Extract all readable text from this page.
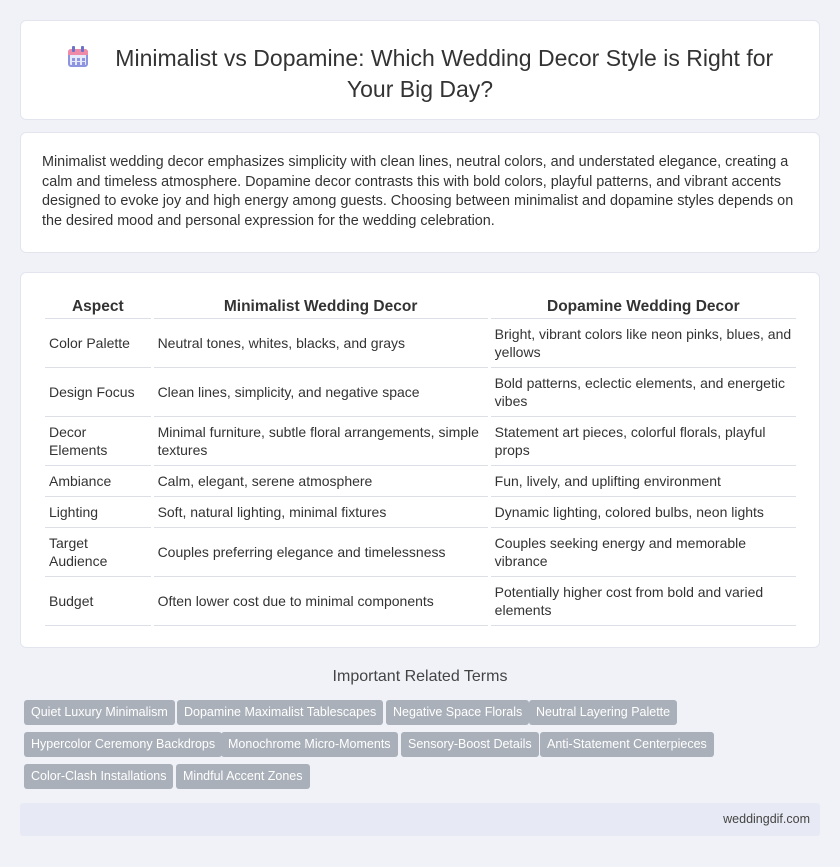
Minimalist vs Dopamine: Which Wedding Decor Style is Right for Your Big Day?

Minimalist wedding decor emphasizes simplicity with clean lines, neutral colors, and understated elegance, creating a calm and timeless atmosphere. Dopamine decor contrasts this with bold colors, playful patterns, and vibrant accents designed to evoke joy and high energy among guests. Choosing between minimalist and dopamine styles depends on the desired mood and personal expression for the wedding celebration.

Aspect	Minimalist Wedding Decor	Dopamine Wedding Decor
Color Palette	Neutral tones, whites, blacks, and grays	Bright, vibrant colors like neon pinks, blues, and yellows
Design Focus	Clean lines, simplicity, and negative space	Bold patterns, eclectic elements, and energetic vibes
Decor Elements	Minimal furniture, subtle floral arrangements, simple textures	Statement art pieces, colorful florals, playful props
Ambiance	Calm, elegant, serene atmosphere	Fun, lively, and uplifting environment
Lighting	Soft, natural lighting, minimal fixtures	Dynamic lighting, colored bulbs, neon lights
Target Audience	Couples preferring elegance and timelessness	Couples seeking energy and memorable vibrance
Budget	Often lower cost due to minimal components	Potentially higher cost from bold and varied elements
Important Related Terms
Quiet Luxury Minimalism	Dopamine Maximalist Tablescapes	Negative Space Florals	Neutral Layering Palette
Hypercolor Ceremony Backdrops	Monochrome Micro-Moments	Sensory-Boost Details	Anti-Statement Centerpieces
Color-Clash Installations	Mindful Accent Zones
weddingdif.com
